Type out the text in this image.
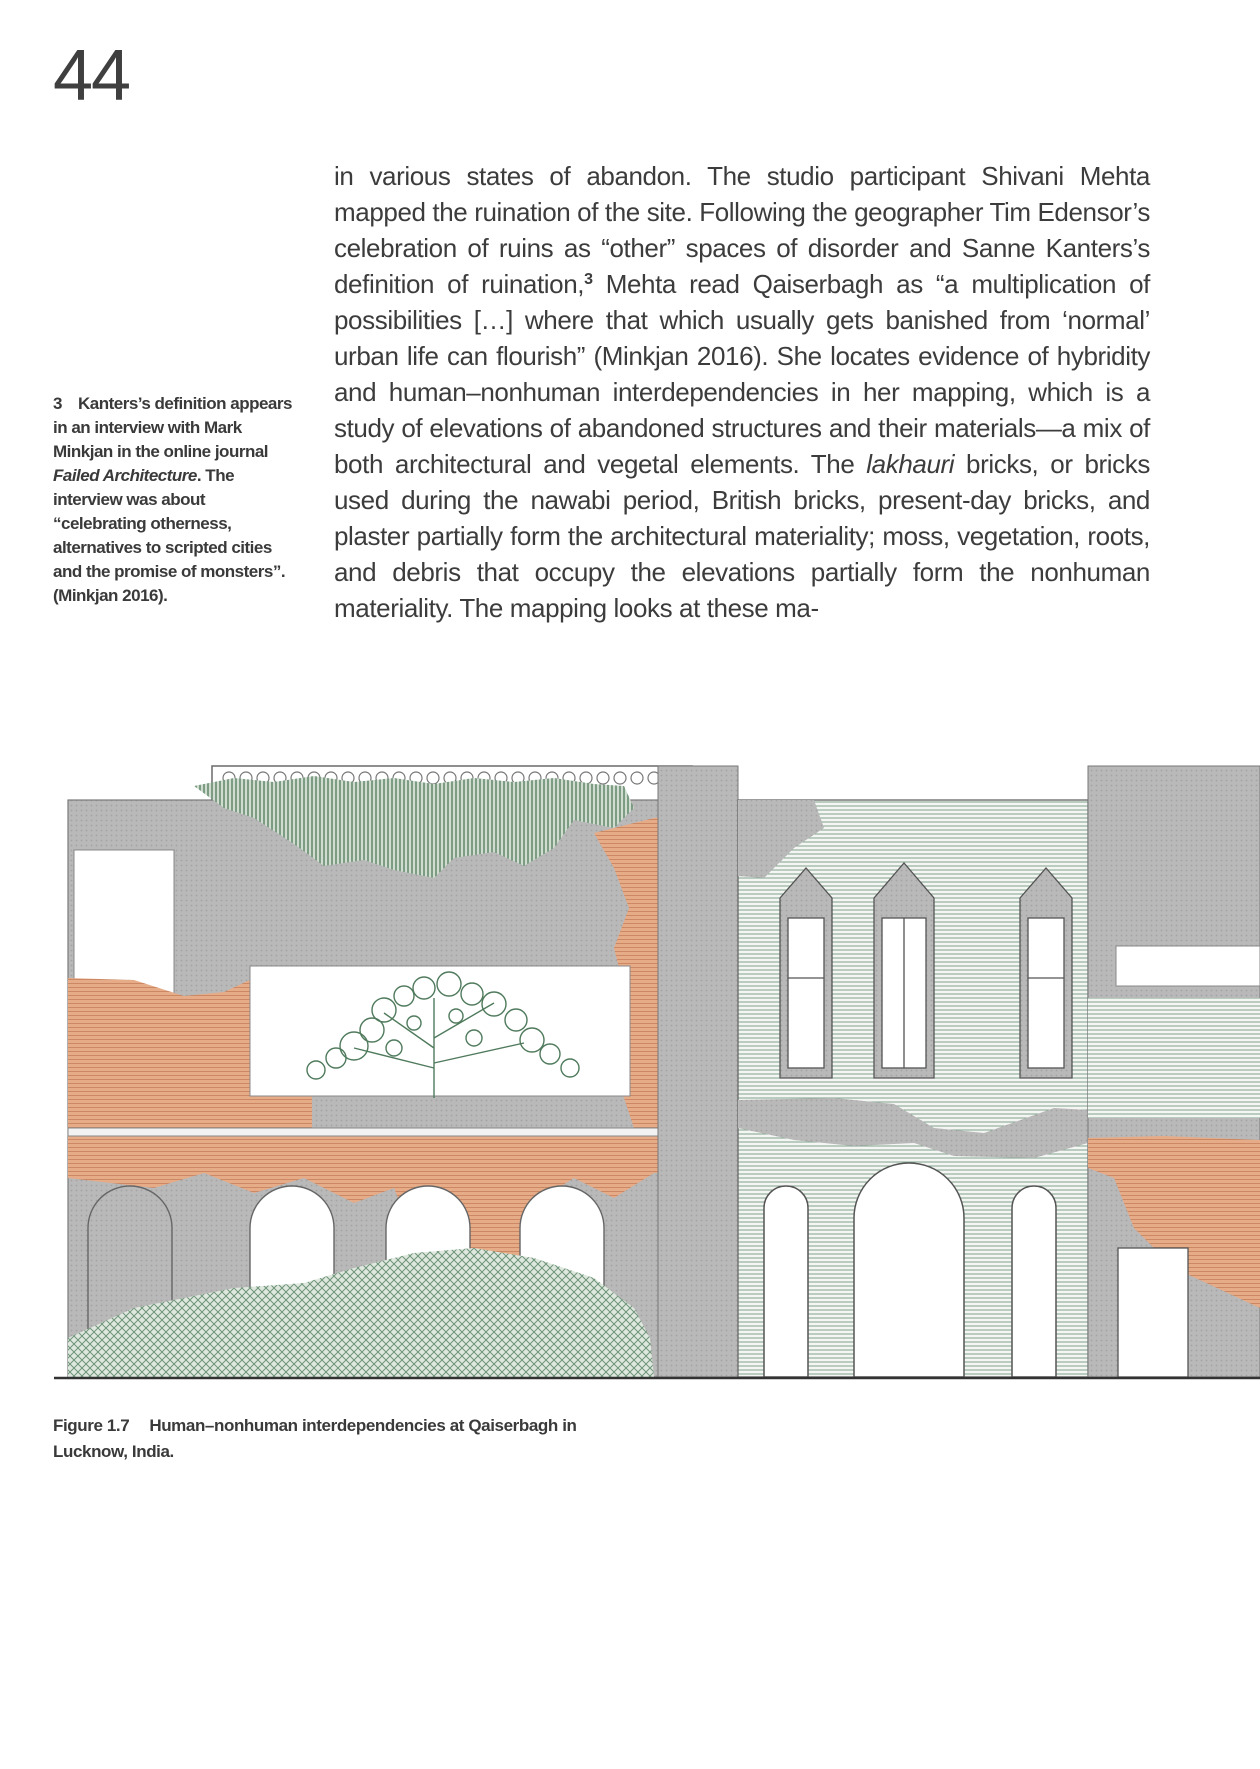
44
3 Kanters’s definition appears in an interview with Mark Minkjan in the online journal Failed Architecture. The interview was about “celebrating otherness, alternatives to scripted cities and the promise of monsters”. (Minkjan 2016).
in various states of abandon. The studio participant Shivani Mehta mapped the ruination of the site. Following the geographer Tim Edensor’s celebration of ruins as “other” spaces of disorder and Sanne Kanters’s definition of ruination,$^3$ Mehta read Qaiserbagh as “a multiplication of possibilities […] where that which usually gets banished from ‘normal’ urban life can flourish” (Minkjan 2016). She locates evidence of hybridity and human–nonhuman interdependencies in her mapping, which is a study of elevations of abandoned structures and their materials—a mix of both architectural and vegetal elements. The lakhauri bricks, or bricks used during the nawabi period, British bricks, present-day bricks, and plaster partially form the architectural materiality; moss, vegetation, roots, and debris that occupy the elevations partially form the nonhuman materiality. The mapping looks at these ma-
Figure 1.7 Human–nonhuman interdependencies at Qaiserbagh in Lucknow, India.
